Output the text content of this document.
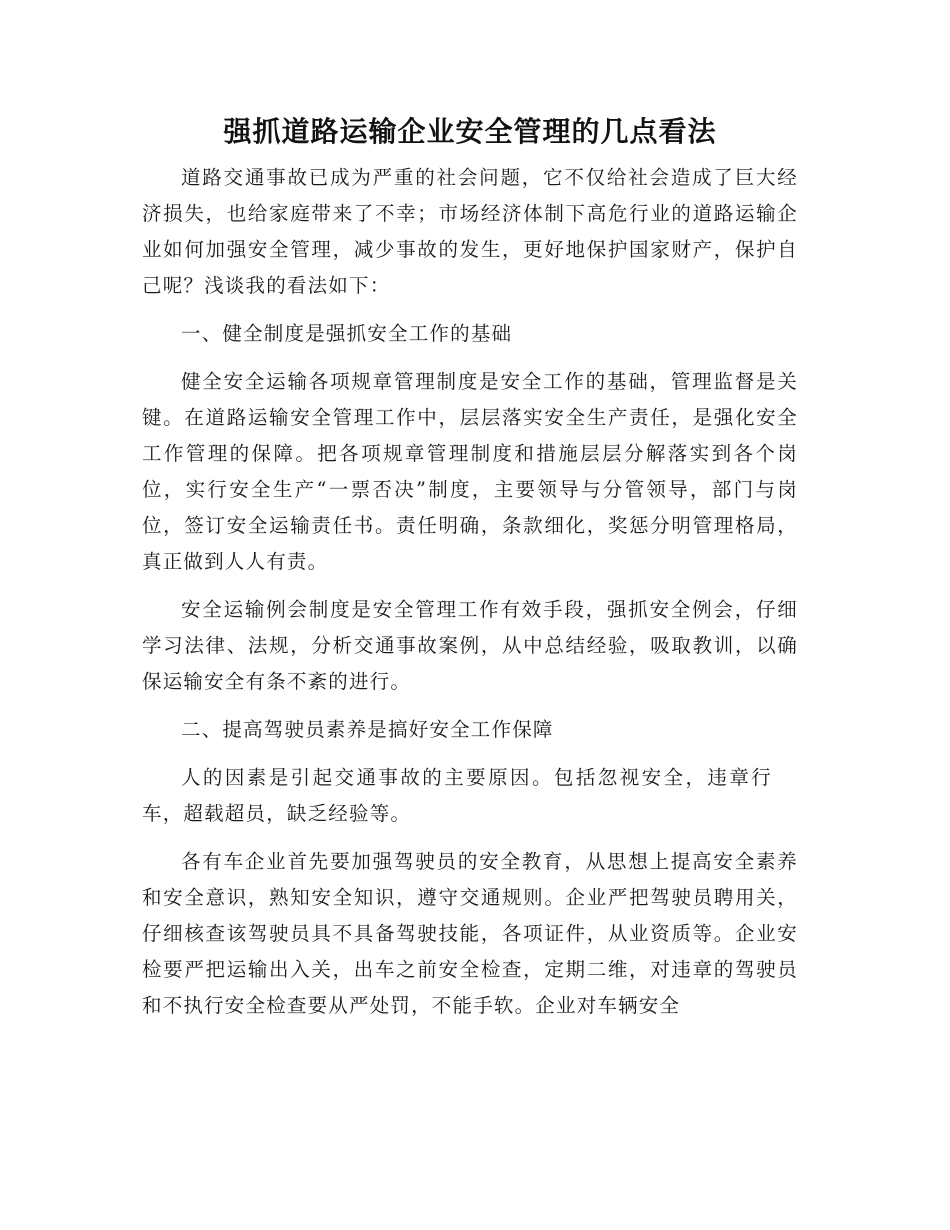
强抓道路运输企业安全管理的几点看法

道路交通事故已成为严重的社会问题，它不仅给社会造成了巨大经济损失，也给家庭带来了不幸；市场经济体制下高危行业的道路运输企业如何加强安全管理，减少事故的发生，更好地保护国家财产，保护自己呢？浅谈我的看法如下：

一、健全制度是强抓安全工作的基础

健全安全运输各项规章管理制度是安全工作的基础，管理监督是关键。在道路运输安全管理工作中，层层落实安全生产责任，是强化安全工作管理的保障。把各项规章管理制度和措施层层分解落实到各个岗位，实行安全生产“一票否决”制度，主要领导与分管领导，部门与岗位，签订安全运输责任书。责任明确，条款细化，奖惩分明管理格局，真正做到人人有责。

安全运输例会制度是安全管理工作有效手段，强抓安全例会，仔细学习法律、法规，分析交通事故案例，从中总结经验，吸取教训，以确保运输安全有条不紊的进行。

二、提高驾驶员素养是搞好安全工作保障

人的因素是引起交通事故的主要原因。包括忽视安全，违章行车，超载超员，缺乏经验等。

各有车企业首先要加强驾驶员的安全教育，从思想上提高安全素养和安全意识，熟知安全知识，遵守交通规则。企业严把驾驶员聘用关，仔细核查该驾驶员具不具备驾驶技能，各项证件，从业资质等。企业安检要严把运输出入关，出车之前安全检查，定期二维，对违章的驾驶员和不执行安全检查要从严处罚，不能手软。企业对车辆安全
